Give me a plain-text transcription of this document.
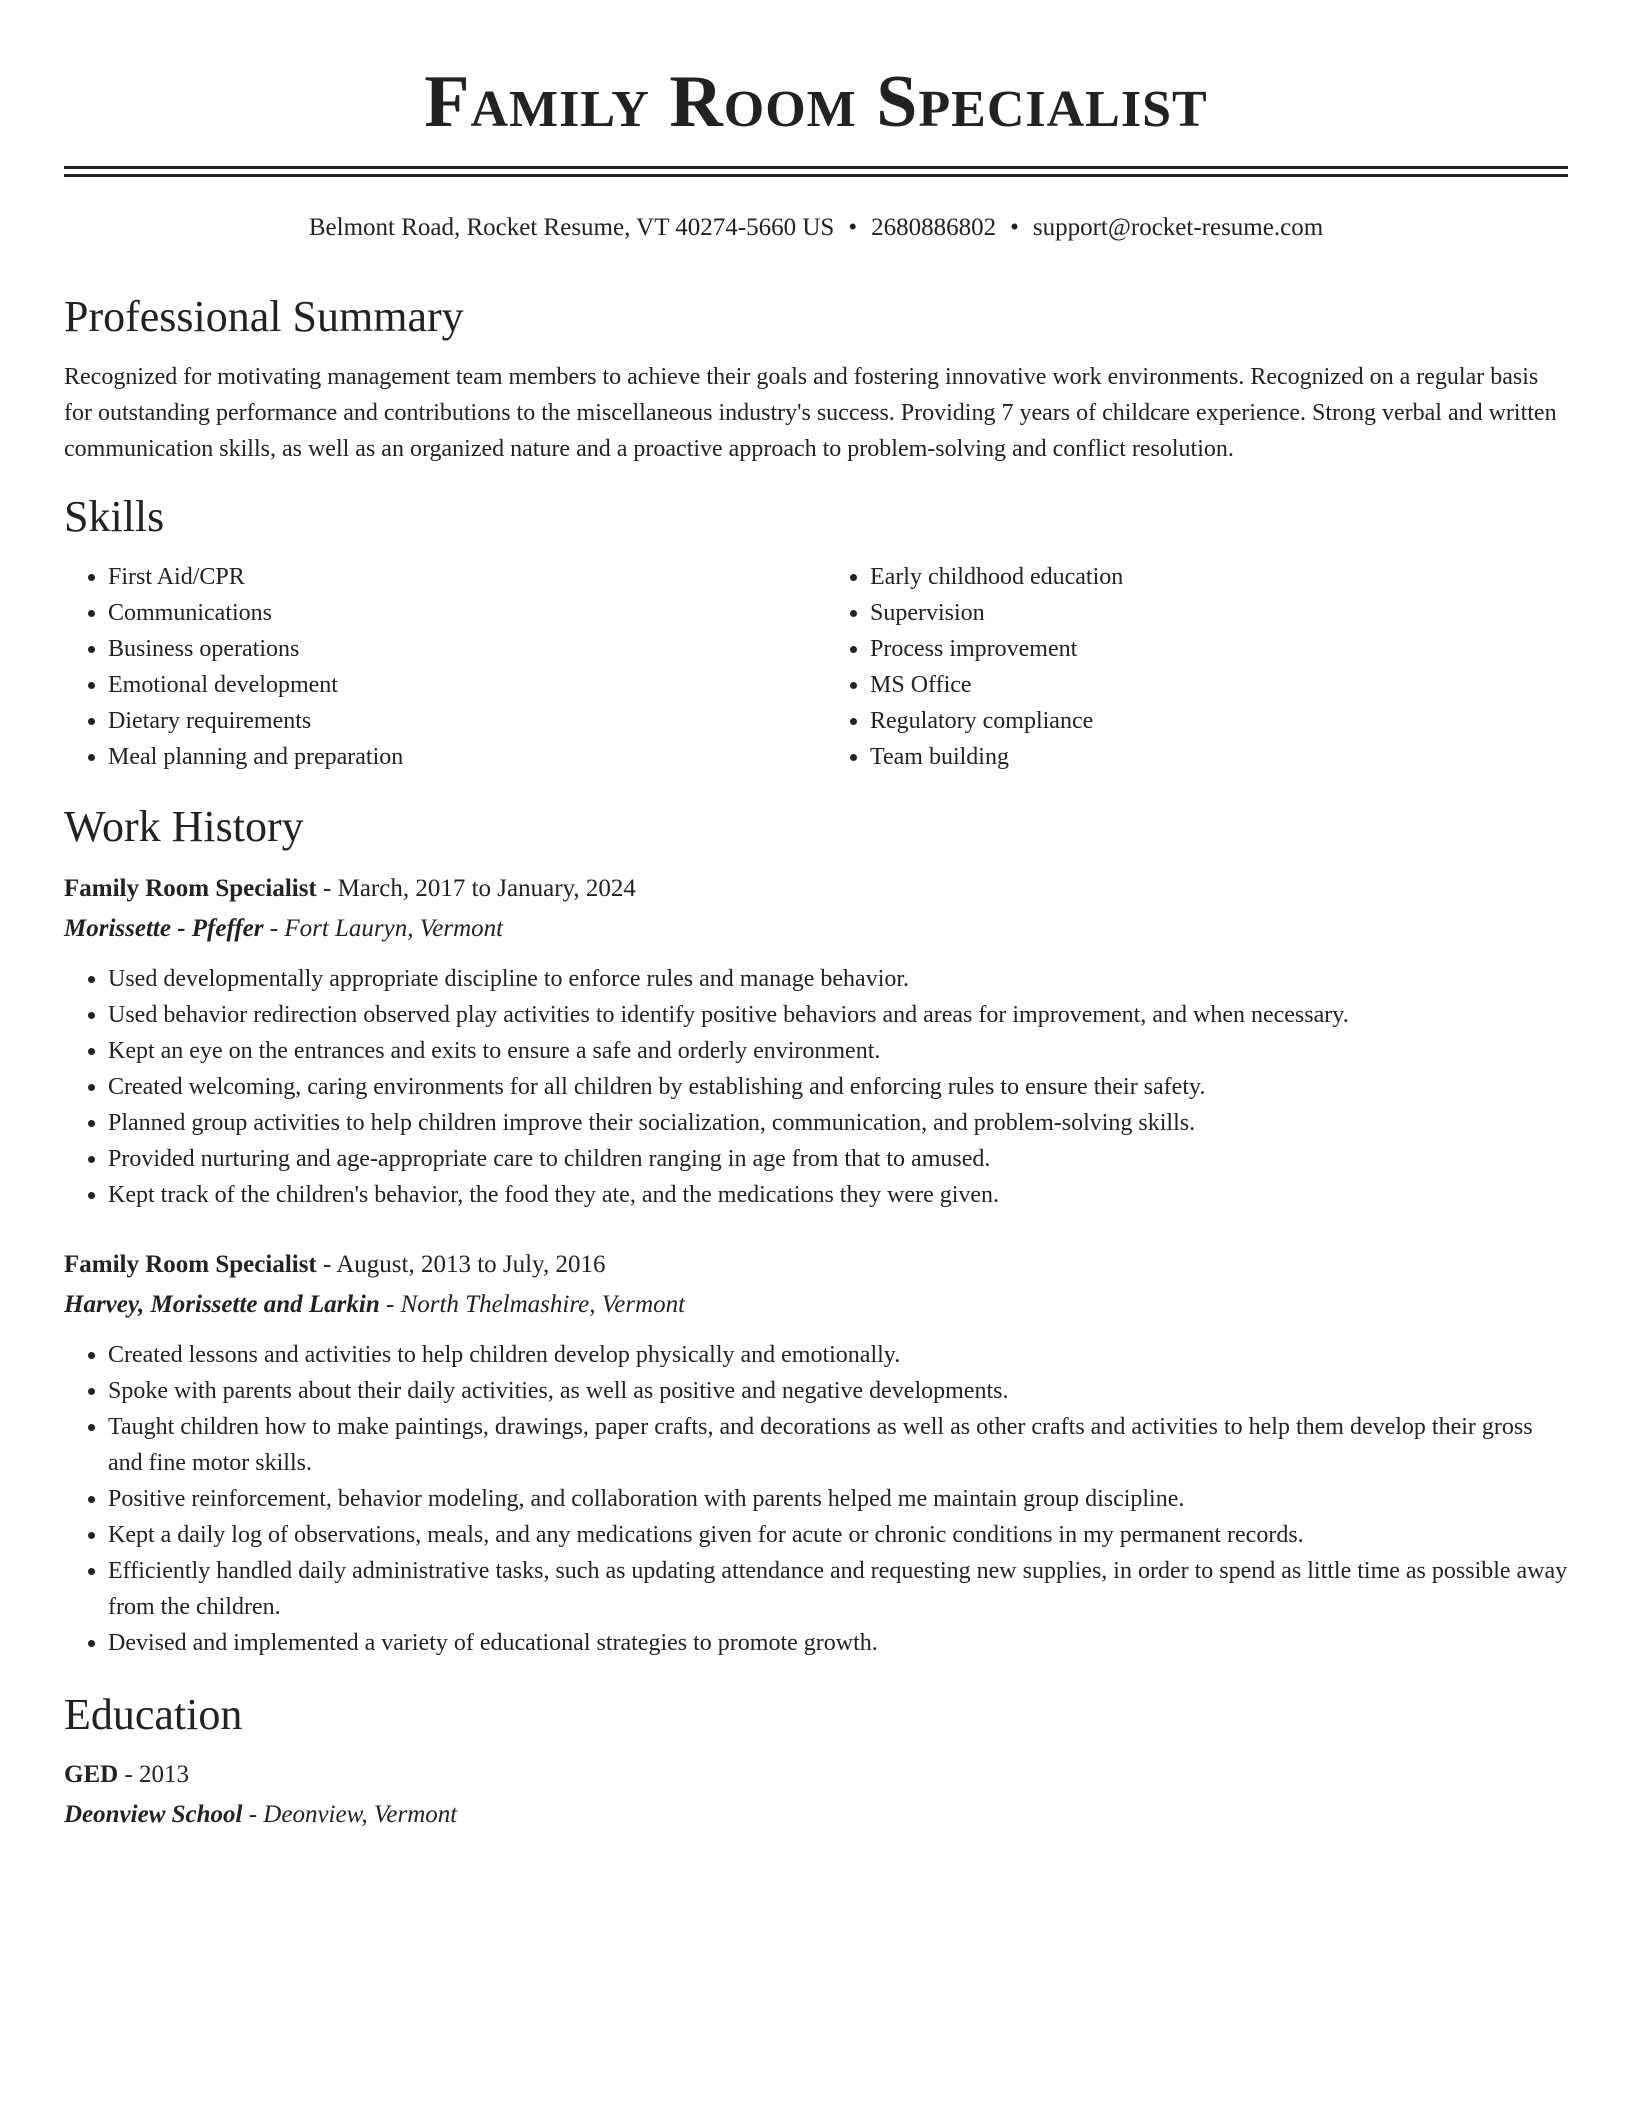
Family Room Specialist
Belmont Road, Rocket Resume, VT 40274-5660 US • 2680886802 • support@rocket-resume.com
Professional Summary
Recognized for motivating management team members to achieve their goals and fostering innovative work environments. Recognized on a regular basis for outstanding performance and contributions to the miscellaneous industry's success. Providing 7 years of childcare experience. Strong verbal and written communication skills, as well as an organized nature and a proactive approach to problem-solving and conflict resolution.
Skills
• First Aid/CPR
• Communications
• Business operations
• Emotional development
• Dietary requirements
• Meal planning and preparation
• Early childhood education
• Supervision
• Process improvement
• MS Office
• Regulatory compliance
• Team building
Work History
Family Room Specialist - March, 2017 to January, 2024
Morissette - Pfeffer - Fort Lauryn, Vermont
• Used developmentally appropriate discipline to enforce rules and manage behavior.
• Used behavior redirection observed play activities to identify positive behaviors and areas for improvement, and when necessary.
• Kept an eye on the entrances and exits to ensure a safe and orderly environment.
• Created welcoming, caring environments for all children by establishing and enforcing rules to ensure their safety.
• Planned group activities to help children improve their socialization, communication, and problem-solving skills.
• Provided nurturing and age-appropriate care to children ranging in age from that to amused.
• Kept track of the children's behavior, the food they ate, and the medications they were given.
Family Room Specialist - August, 2013 to July, 2016
Harvey, Morissette and Larkin - North Thelmashire, Vermont
• Created lessons and activities to help children develop physically and emotionally.
• Spoke with parents about their daily activities, as well as positive and negative developments.
• Taught children how to make paintings, drawings, paper crafts, and decorations as well as other crafts and activities to help them develop their gross and fine motor skills.
• Positive reinforcement, behavior modeling, and collaboration with parents helped me maintain group discipline.
• Kept a daily log of observations, meals, and any medications given for acute or chronic conditions in my permanent records.
• Efficiently handled daily administrative tasks, such as updating attendance and requesting new supplies, in order to spend as little time as possible away from the children.
• Devised and implemented a variety of educational strategies to promote growth.
Education
GED - 2013
Deonview School - Deonview, Vermont
